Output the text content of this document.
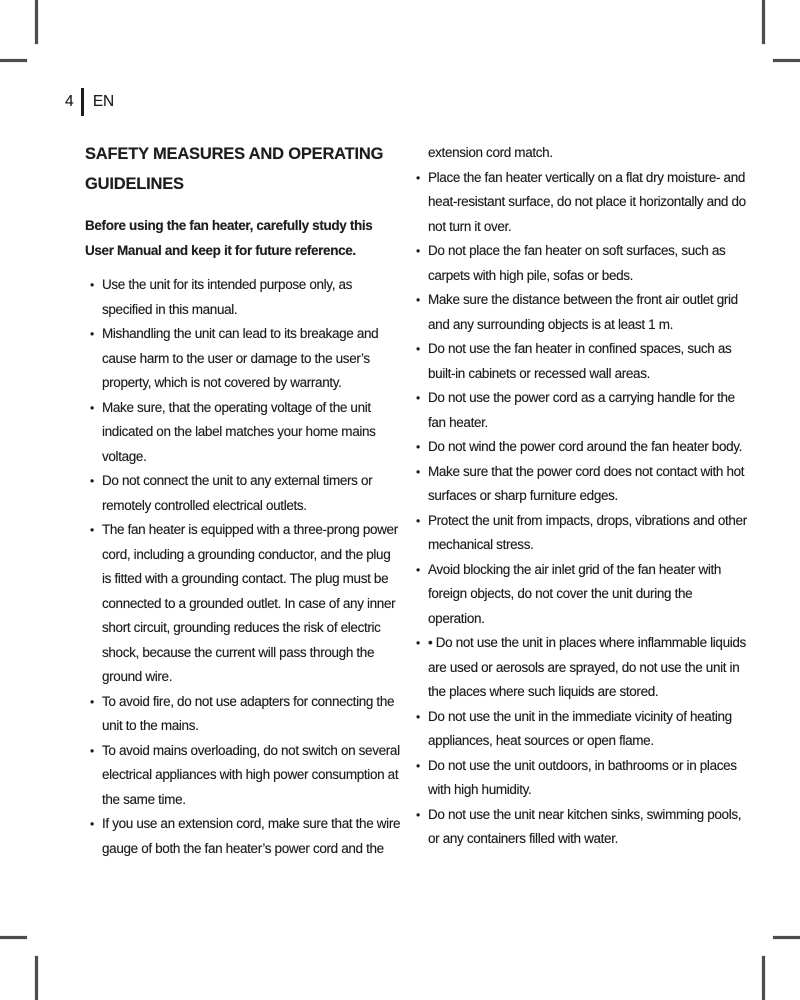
4 EN
SAFETY MEASURES AND OPERATING GUIDELINES

Before using the fan heater, carefully study this User Manual and keep it for future reference.

• Use the unit for its intended purpose only, as specified in this manual.
• Mishandling the unit can lead to its breakage and cause harm to the user or damage to the user’s property, which is not covered by warranty.
• Make sure, that the operating voltage of the unit indicated on the label matches your home mains voltage.
• Do not connect the unit to any external timers or remotely controlled electrical outlets.
• The fan heater is equipped with a three-prong power cord, including a grounding conductor, and the plug is fitted with a grounding contact. The plug must be connected to a grounded outlet. In case of any inner short circuit, grounding reduces the risk of electric shock, because the current will pass through the ground wire.
• To avoid fire, do not use adapters for connecting the unit to the mains.
• To avoid mains overloading, do not switch on several electrical appliances with high power consumption at the same time.
• If you use an extension cord, make sure that the wire gauge of both the fan heater’s power cord and the

extension cord match.

• Place the fan heater vertically on a flat dry moisture- and heat-resistant surface, do not place it horizontally and do not turn it over.
• Do not place the fan heater on soft surfaces, such as carpets with high pile, sofas or beds.
• Make sure the distance between the front air outlet grid and any surrounding objects is at least 1 m.
• Do not use the fan heater in confined spaces, such as built-in cabinets or recessed wall areas.
• Do not use the power cord as a carrying handle for the fan heater.
• Do not wind the power cord around the fan heater body.
• Make sure that the power cord does not contact with hot surfaces or sharp furniture edges.
• Protect the unit from impacts, drops, vibrations and other mechanical stress.
• Avoid blocking the air inlet grid of the fan heater with foreign objects, do not cover the unit during the operation.
• • Do not use the unit in places where inflammable liquids are used or aerosols are sprayed, do not use the unit in the places where such liquids are stored.
• Do not use the unit in the immediate vicinity of heating appliances, heat sources or open flame.
• Do not use the unit outdoors, in bathrooms or in places with high humidity.
• Do not use the unit near kitchen sinks, swimming pools, or any containers filled with water.
